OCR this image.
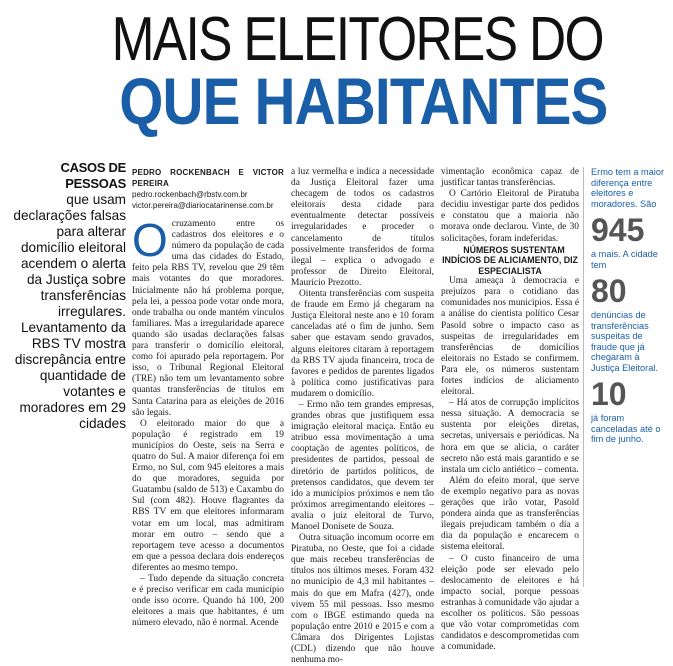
MAIS ELEITORES DO
QUE HABITANTES
CASOS DE PESSOAS
que usam declarações falsas para alterar domicílio eleitoral acendem o alerta da Justiça sobre transferências irregulares. Levantamento da RBS TV mostra discrepância entre quantidade de votantes e moradores em 29 cidades
PEDRO ROCKENBACH E VICTOR PEREIRA
pedro.rockenbach@rbstv.com.br
victor.pereira@diariocatarinense.com.br

Ocruzamento entre os cadastros dos eleitores e o número da população de cada uma das cidades do Estado, feito pela RBS TV, revelou que 29 têm mais votantes do que moradores. Inicialmente não há problema porque, pela lei, a pessoa pode votar onde mora, onde trabalha ou onde mantém vínculos familiares. Mas a irregularidade aparece quando são usadas declarações falsas para transferir o domicílio eleitoral, como foi apurado pela reportagem. Por isso, o Tribunal Regional Eleitoral (TRE) não tem um levantamento sobre quantas transferências de títulos em Santa Catarina para as eleições de 2016 são legais.

O eleitorado maior do que a população é registrado em 19 municípios do Oeste, seis na Serra e quatro do Sul. A maior diferença foi em Ermo, no Sul, com 945 eleitores a mais do que moradores, seguida por Guatambu (saldo de 513) e Caxambu do Sul (com 482). Houve flagrantes da RBS TV em que eleitores informaram votar em um local, mas admitiram morar em outro – sendo que a reportagem teve acesso a documentos em que a pessoa declara dois endereços diferentes ao mesmo tempo.

– Tudo depende da situação concreta e é preciso verificar em cada município onde isso ocorre. Quando há 100, 200 eleitores a mais que habitantes, é um número elevado, não é normal. Acende

a luz vermelha e indica a necessidade da Justiça Eleitoral fazer uma checagem de todos os cadastros eleitorais desta cidade para eventualmente detectar possíveis irregularidades e proceder o cancelamento de títulos possivelmente transferidos de forma ilegal – explica o advogado e professor de Direito Eleitoral, Maurício Prezotto.

Oitenta transferências com suspeita de fraude em Ermo já chegaram na Justiça Eleitoral neste ano e 10 foram canceladas até o fim de junho. Sem saber que estavam sendo gravados, alguns eleitores citaram à reportagem da RBS TV ajuda financeira, troca de favores e pedidos de parentes ligados à política como justificativas para mudarem o domicílio.

– Ermo não tem grandes empresas, grandes obras que justifiquem essa imigração eleitoral maciça. Então eu atribuo essa movimentação a uma cooptação de agentes políticos, de presidentes de partidos, pessoal de diretório de partidos políticos, de pretensos candidatos, que devem ter ido a municípios próximos e nem tão próximos arregimentando eleitores – avalia o juiz eleitoral de Turvo, Manoel Donisete de Souza.

Outra situação incomum ocorre em Piratuba, no Oeste, que foi a cidade que mais recebeu transferências de títulos nos últimos meses. Foram 432 no município de 4,3 mil habitantes – mais do que em Mafra (427), onde vivem 55 mil pessoas. Isso mesmo com o IBGE estimando queda na população entre 2010 e 2015 e com a Câmara dos Dirigentes Lojistas (CDL) dizendo que não houve nenhuma mo-

vimentação econômica capaz de justificar tantas transferências.

O Cartório Eleitoral de Piratuba decidiu investigar parte dos pedidos e constatou que a maioria não morava onde declarou. Vinte, de 30 solicitações, foram indeferidas.

NÚMEROS SUSTENTAM INDÍCIOS DE ALICIAMENTO, DIZ ESPECIALISTA

Uma ameaça à democracia e prejuízos para o cotidiano das comunidades nos municípios. Essa é a análise do cientista político Cesar Pasold sobre o impacto caso as suspeitas de irregularidades em transferências de domicílios eleitorais no Estado se confirmem. Para ele, os números sustentam fortes indícios de aliciamento eleitoral.

– Há atos de corrupção implícitos nessa situação. A democracia se sustenta por eleições diretas, secretas, universais e periódicas. Na hora em que se alicia, o caráter secreto não está mais garantido e se instala um ciclo antiético – comenta.

Além do efeito moral, que serve de exemplo negativo para as novas gerações que irão votar, Pasold pondera ainda que as transferências ilegais prejudicam também o dia a dia da população e encarecem o sistema eleitoral.

– O custo financeiro de uma eleição pode ser elevado pelo deslocamento de eleitores e há impacto social, porque pessoas estranhas à comunidade vão ajudar a escolher os políticos. São pessoas que vão votar comprometidas com candidatos e descomprometidas com a comunidade.

Ermo tem a maior diferença entre eleitores e moradores. São
945
a mais. A cidade tem
80
denúncias de transferências suspeitas de fraude que já chegaram à Justiça Eleitoral.
10
já foram canceladas até o fim de junho.
